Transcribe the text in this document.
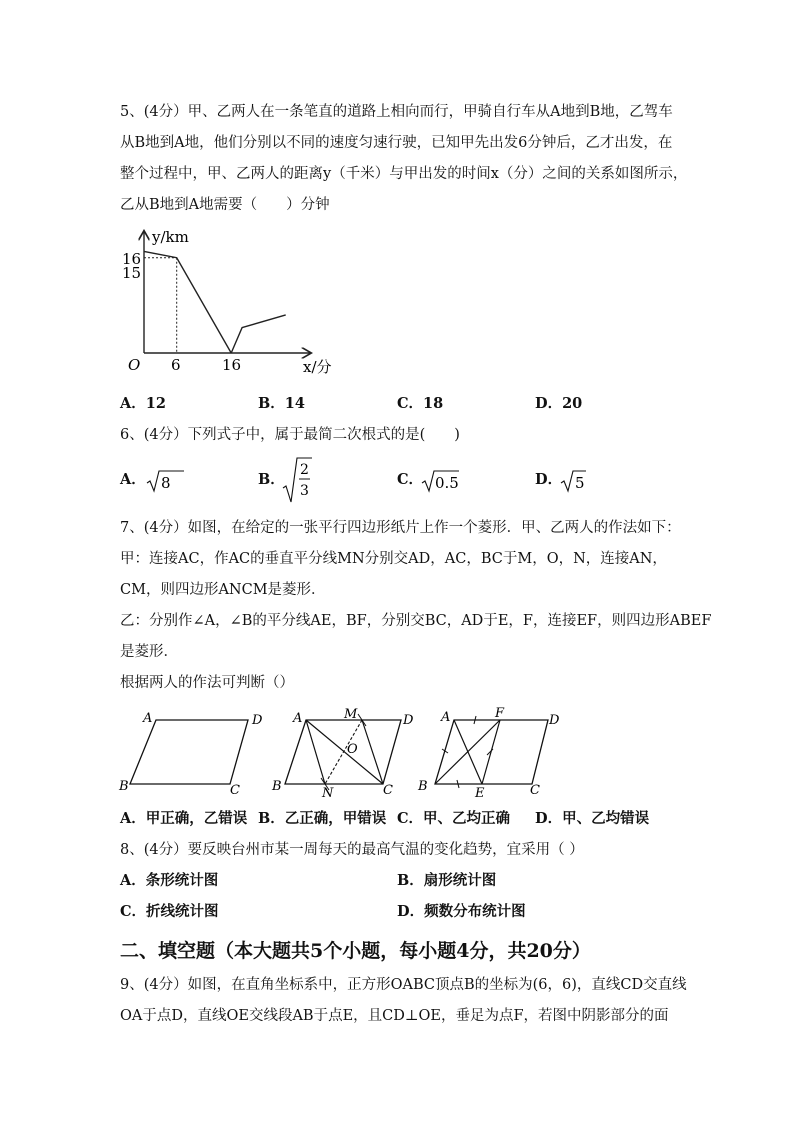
5、(4分）甲、乙两人在一条笔直的道路上相向而行，甲骑自行车从A地到B地，乙驾车
从B地到A地，他们分别以不同的速度匀速行驶，已知甲先出发6分钟后，乙才出发，在
整个过程中，甲、乙两人的距离y（千米）与甲出发的时间x（分）之间的关系如图所示，
乙从B地到A地需要（　　）分钟
y/km
x/分
O
16
15
6	16
A．12	B．14	C．18	D．20
6、(4分）下列式子中，属于最简二次根式的是(　　)
A． 8	B．
2
3
C． 0.5	D． 5
7、(4分）如图，在给定的一张平行四边形纸片上作一个菱形．甲、乙两人的作法如下：
甲：连接AC，作AC的垂直平分线MN分别交AD，AC，BC于M，O，N，连接AN，
CM，则四边形ANCM是菱形．
乙：分别作∠A，∠B的平分线AE，BF，分别交BC，AD于E，F，连接EF，则四边形ABEF
是菱形．
根据两人的作法可判断（）
A	D
B	C
A	M	D
O
B	N	C
A	F	D
B	E	C
A．甲正确，乙错误 B．乙正确，甲错误 C．甲、乙均正确 D．甲、乙均错误
8、(4分）要反映台州市某一周每天的最高气温的变化趋势，宜采用（ ）
A．条形统计图	B．扇形统计图
C．折线统计图	D．频数分布统计图
二、填空题（本大题共5个小题，每小题4分，共20分）
9、(4分）如图，在直角坐标系中，正方形OABC顶点B的坐标为(6，6)，直线CD交直线
OA于点D，直线OE交线段AB于点E，且CD⊥OE，垂足为点F，若图中阴影部分的面
